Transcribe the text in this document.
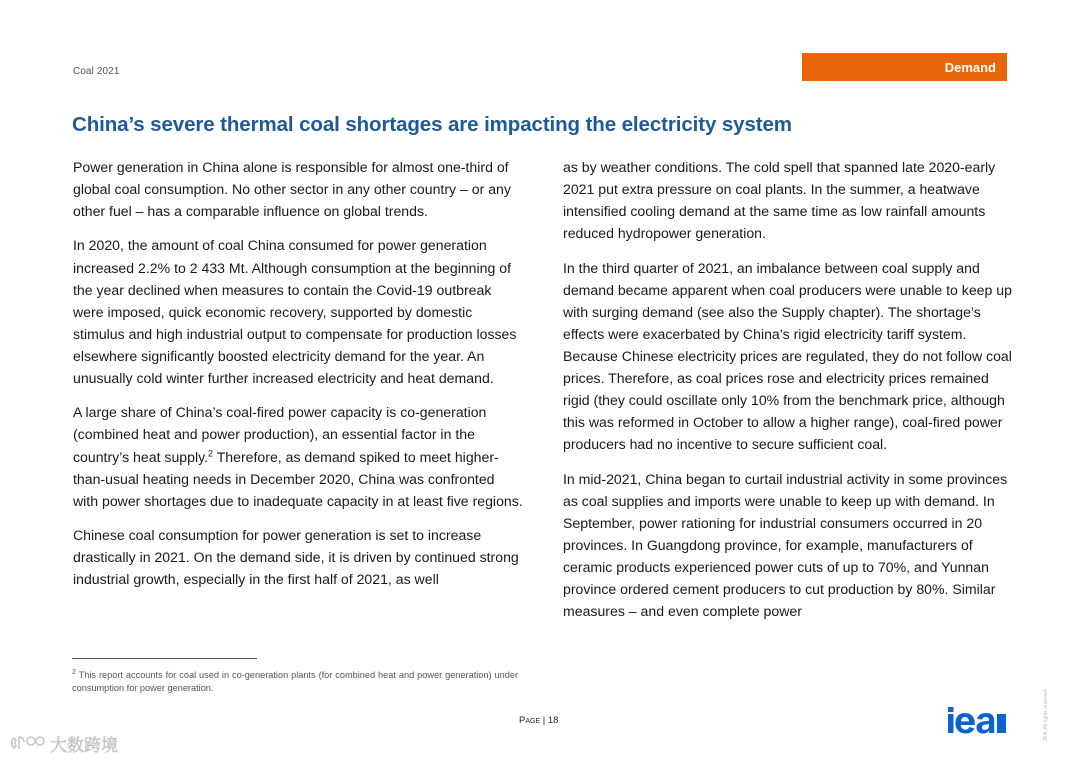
Coal 2021	Demand
China’s severe thermal coal shortages are impacting the electricity system

Power generation in China alone is responsible for almost one-third of global coal consumption. No other sector in any other country – or any other fuel – has a comparable influence on global trends.

In 2020, the amount of coal China consumed for power generation increased 2.2% to 2 433 Mt. Although consumption at the beginning of the year declined when measures to contain the Covid-19 outbreak were imposed, quick economic recovery, supported by domestic stimulus and high industrial output to compensate for production losses elsewhere significantly boosted electricity demand for the year. An unusually cold winter further increased electricity and heat demand.

A large share of China’s coal-fired power capacity is co-generation (combined heat and power production), an essential factor in the country’s heat supply.$^2$ Therefore, as demand spiked to meet higher-than-usual heating needs in December 2020, China was confronted with power shortages due to inadequate capacity in at least five regions.

Chinese coal consumption for power generation is set to increase drastically in 2021. On the demand side, it is driven by continued strong industrial growth, especially in the first half of 2021, as well

as by weather conditions. The cold spell that spanned late 2020-early 2021 put extra pressure on coal plants. In the summer, a heatwave intensified cooling demand at the same time as low rainfall amounts reduced hydropower generation.

In the third quarter of 2021, an imbalance between coal supply and demand became apparent when coal producers were unable to keep up with surging demand (see also the Supply chapter). The shortage’s effects were exacerbated by China’s rigid electricity tariff system. Because Chinese electricity prices are regulated, they do not follow coal prices. Therefore, as coal prices rose and electricity prices remained rigid (they could oscillate only 10% from the benchmark price, although this was reformed in October to allow a higher range), coal-fired power producers had no incentive to secure sufficient coal.

In mid-2021, China began to curtail industrial activity in some provinces as coal supplies and imports were unable to keep up with demand. In September, power rationing for industrial consumers occurred in 20 provinces. In Guangdong province, for example, manufacturers of ceramic products experienced power cuts of up to 70%, and Yunnan province ordered cement producers to cut production by 80%. Similar measures – and even complete power

$^2$ This report accounts for coal used in co-generation plants (for combined heat and power generation) under consumption for power generation.
Page | 18	IEA. All rights reserved.
大数跨境
